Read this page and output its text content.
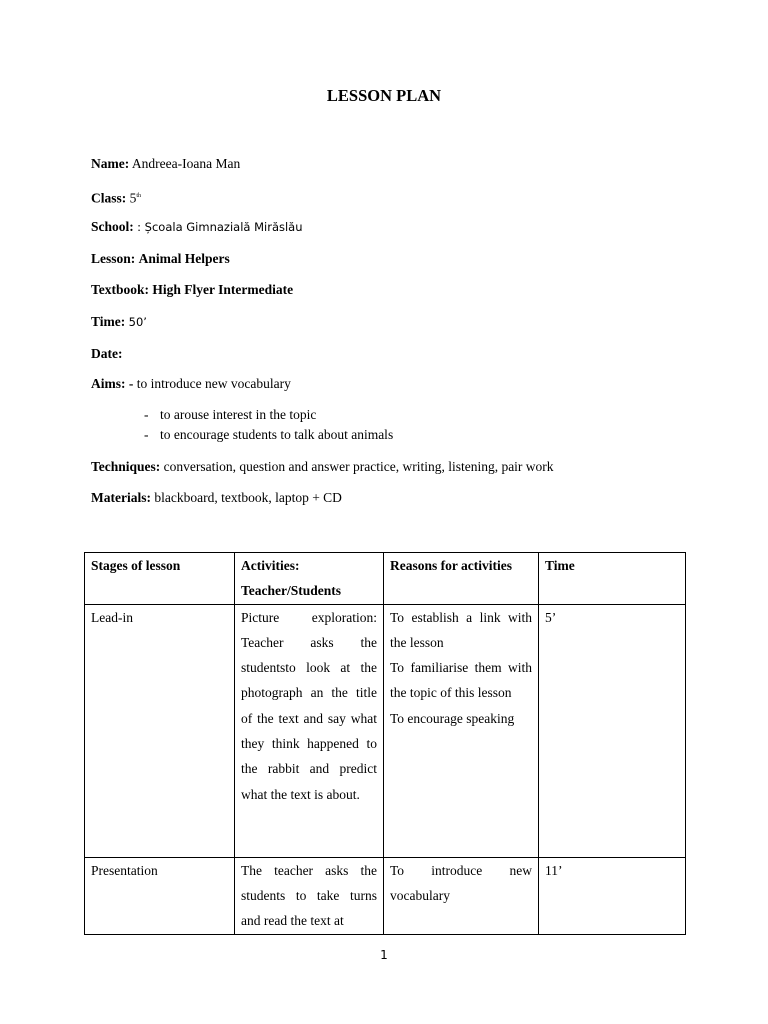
LESSON PLAN
Name: Andreea-Ioana Man
Class: 5th
School: : Școala Gimnazială Mirăslău
Lesson: Animal Helpers
Textbook: High Flyer Intermediate
Time: 50’
Date:
Aims: - to introduce new vocabulary
- to arouse interest in the topic
- to encourage students to talk about animals
Techniques: conversation, question and answer practice, writing, listening, pair work
Materials: blackboard, textbook, laptop + CD
Stages of lesson	Activities:
Teacher/Students	Reasons for activities	Time
Lead-in	Picture exploration: Teacher asks the studentsto look at the photograph an the title of the text and say what they think happened to the rabbit and predict what the text is about.	To establish a link with the lesson
To familiarise them with the topic of this lesson
To encourage speaking	5’
Presentation	The teacher asks the students to take turns and read the text at	To introduce new vocabulary	11’
1
